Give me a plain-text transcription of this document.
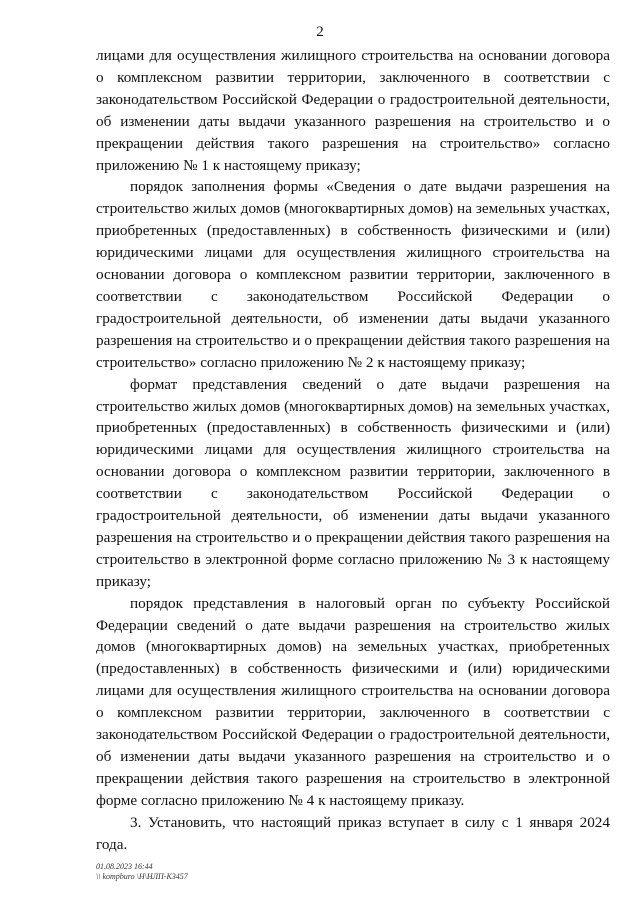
2

лицами для осуществления жилищного строительства на основании договора о комплексном развитии территории, заключенного в соответствии с законодательством Российской Федерации о градостроительной деятельности, об изменении даты выдачи указанного разрешения на строительство и о прекращении действия такого разрешения на строительство» согласно приложению № 1 к настоящему приказу;

порядок заполнения формы «Сведения о дате выдачи разрешения на строительство жилых домов (многоквартирных домов) на земельных участках, приобретенных (предоставленных) в собственность физическими и (или) юридическими лицами для осуществления жилищного строительства на основании договора о комплексном развитии территории, заключенного в соответствии с законодательством Российской Федерации о градостроительной деятельности, об изменении даты выдачи указанного разрешения на строительство и о прекращении действия такого разрешения на строительство» согласно приложению № 2 к настоящему приказу;

формат представления сведений о дате выдачи разрешения на строительство жилых домов (многоквартирных домов) на земельных участках, приобретенных (предоставленных) в собственность физическими и (или) юридическими лицами для осуществления жилищного строительства на основании договора о комплексном развитии территории, заключенного в соответствии с законодательством Российской Федерации о градостроительной деятельности, об изменении даты выдачи указанного разрешения на строительство и о прекращении действия такого разрешения на строительство в электронной форме согласно приложению № 3 к настоящему приказу;

порядок представления в налоговый орган по субъекту Российской Федерации сведений о дате выдачи разрешения на строительство жилых домов (многоквартирных домов) на земельных участках, приобретенных (предоставленных) в собственность физическими и (или) юридическими лицами для осуществления жилищного строительства на основании договора о комплексном развитии территории, заключенного в соответствии с законодательством Российской Федерации о градостроительной деятельности, об изменении даты выдачи указанного разрешения на строительство и о прекращении действия такого разрешения на строительство в электронной форме согласно приложению № 4 к настоящему приказу.

3. Установить, что настоящий приказ вступает в силу с 1 января 2024 года.

01.08.2023 16:44
\\ kompburo \Н\НЛП-К3457
